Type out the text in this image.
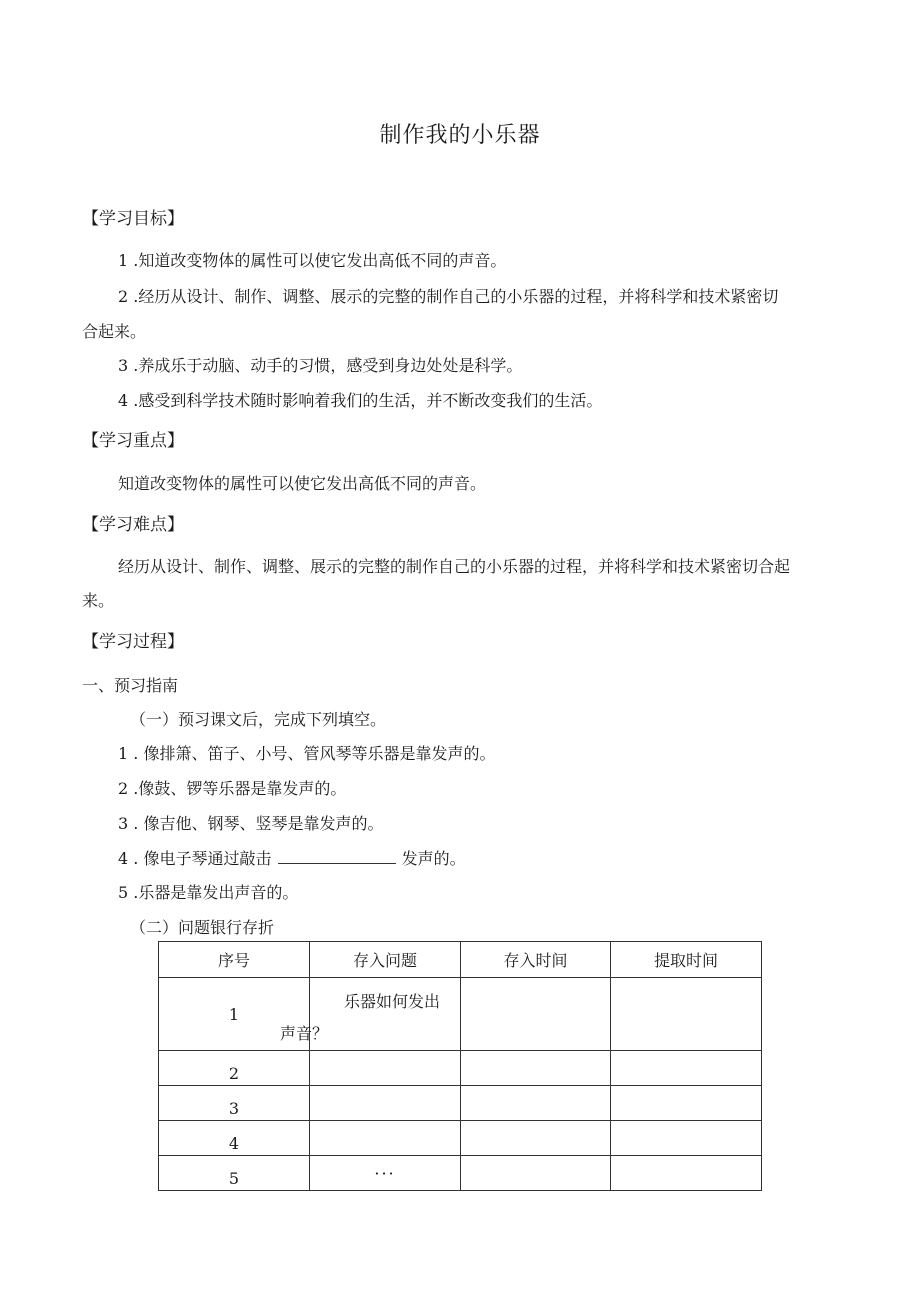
制作我的小乐器
【学习目标】
1 .知道改变物体的属性可以使它发出高低不同的声音。
2 .经历从设计、制作、调整、展示的完整的制作自己的小乐器的过程，并将科学和技术紧密切
合起来。
3 .养成乐于动脑、动手的习惯，感受到身边处处是科学。
4 .感受到科学技术随时影响着我们的生活，并不断改变我们的生活。
【学习重点】
知道改变物体的属性可以使它发出高低不同的声音。
【学习难点】
经历从设计、制作、调整、展示的完整的制作自己的小乐器的过程，并将科学和技术紧密切合起
来。
【学习过程】
一、预习指南
（一）预习课文后，完成下列填空。
1 . 像排箫、笛子、小号、管风琴等乐器是靠发声的。
2 .像鼓、锣等乐器是靠发声的。
3 . 像吉他、钢琴、竖琴是靠发声的。
4 . 像电子琴通过敲击	发声的。
5 .乐器是靠发出声音的。
（二）问题银行存折
序号	存入问题	存入时间	提取时间
1	乐器如何发出
声音？		

2			
3			
4			
5	···		
